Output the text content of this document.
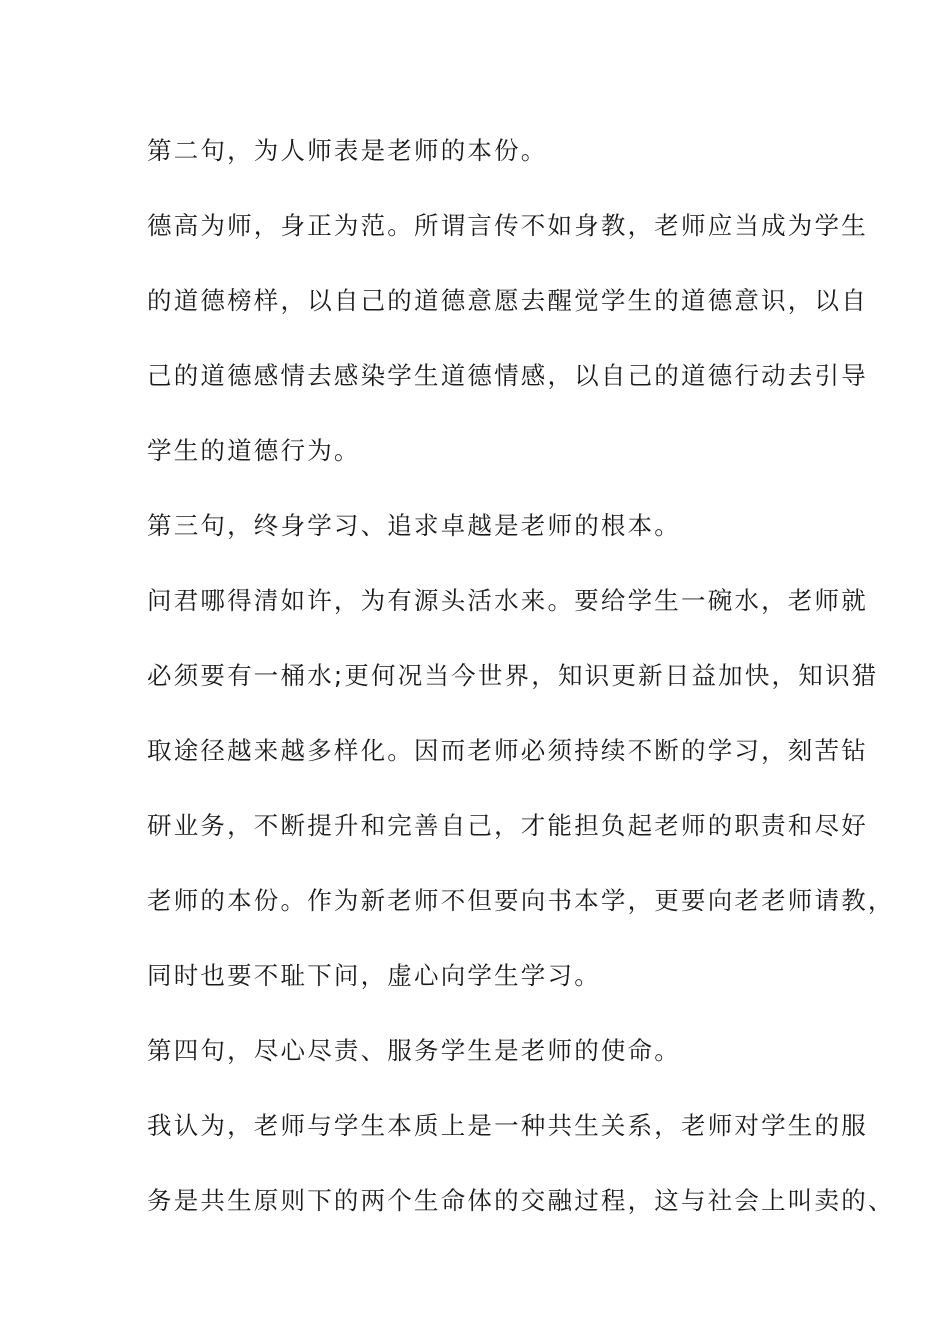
第二句，为人师表是老师的本份。
德高为师，身正为范。所谓言传不如身教，老师应当成为学生
的道德榜样，以自己的道德意愿去醒觉学生的道德意识，以自
己的道德感情去感染学生道德情感，以自己的道德行动去引导
学生的道德行为。
第三句，终身学习、追求卓越是老师的根本。
问君哪得清如许，为有源头活水来。要给学生一碗水，老师就
必须要有一桶水;更何况当今世界，知识更新日益加快，知识猎
取途径越来越多样化。因而老师必须持续不断的学习，刻苦钻
研业务，不断提升和完善自己，才能担负起老师的职责和尽好
老师的本份。作为新老师不但要向书本学，更要向老老师请教，
同时也要不耻下问，虚心向学生学习。
第四句，尽心尽责、服务学生是老师的使命。
我认为，老师与学生本质上是一种共生关系，老师对学生的服
务是共生原则下的两个生命体的交融过程，这与社会上叫卖的、
